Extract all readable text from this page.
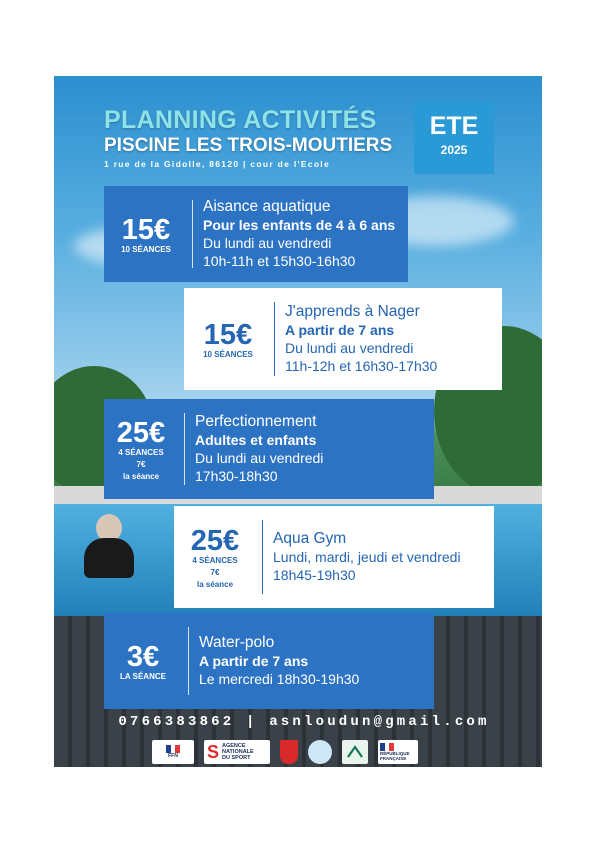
PLANNING ACTIVITÉS
PISCINE LES TROIS-MOUTIERS
1 rue de la Gidolle, 86120 | cour de l'Ecole
ETE
2025
15€
10 SÉANCES
Aisance aquatique
Pour les enfants de 4 à 6 ans
Du lundi au vendredi
10h-11h et 15h30-16h30
15€
10 SÉANCES
J'apprends à Nager
A partir de 7 ans
Du lundi au vendredi
11h-12h et 16h30-17h30
25€
4 SÉANCES
7€
la séance
Perfectionnement
Adultes et enfants
Du lundi au vendredi
17h30-18h30
25€
4 SÉANCES
7€
la séance
Aqua Gym
Lundi, mardi, jeudi et vendredi
18h45-19h30
3€
LA SÉANCE
Water-polo
A partir de 7 ans
Le mercredi 18h30-19h30
0766383862 | asnloudun@gmail.com
FFN S AGENCE NATIONALE DU SPORT
RÉPUBLIQUE FRANÇAISE
